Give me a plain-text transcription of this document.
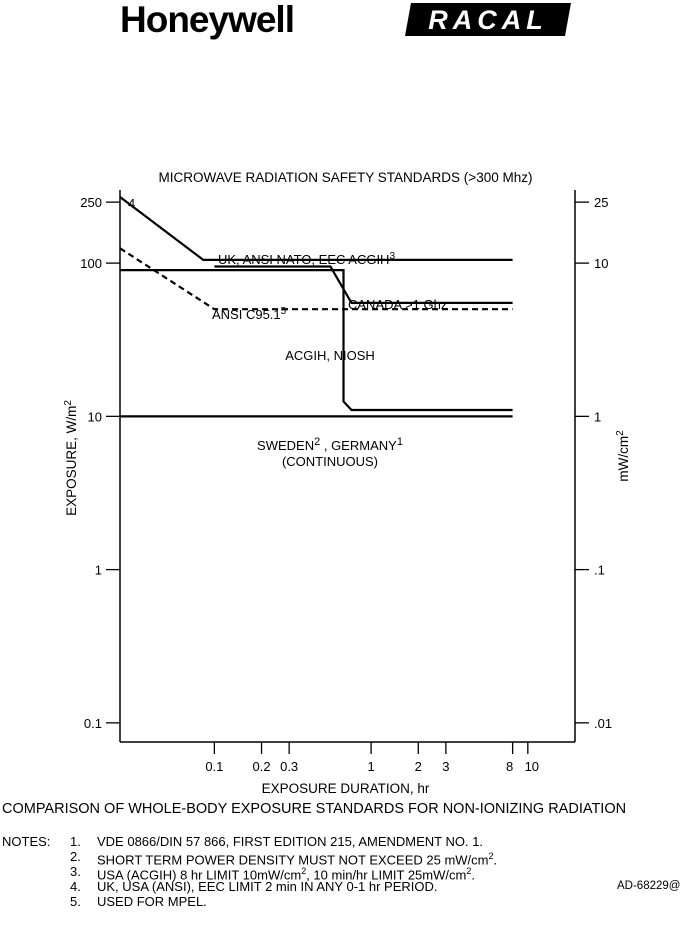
Honeywell	RACAL
MICROWAVE RADIATION SAFETY STANDARDS (>300 Mhz)
250
100
10
1
0.1
25
10
1
.1
.01
0.1 0.2 0.3	1	2 3	8 10
EXPOSURE DURATION, hr
EXPOSURE, $W/m^2$
$mW/cm^2$
UK, ANSI NATO, EEC ACGIH$^3$
CANADA >1 Ghz
ANSI C95.1$^5$
ACGIH, NIOSH
SWEDEN$^2$ , GERMANY$^1$
(CONTINUOUS)
4
COMPARISON OF WHOLE-BODY EXPOSURE STANDARDS FOR NON-IONIZING RADIATION
NOTES: 1. VDE 0866/DIN 57 866, FIRST EDITION 215, AMENDMENT NO. 1.
2. SHORT TERM POWER DENSITY MUST NOT EXCEED 25 $mW/cm^2$.
3. USA (ACGIH) 8 hr LIMIT $10mW/cm^2$, 10 min/hr LIMIT $25mW/cm^2$.
4. UK, USA (ANSI), EEC LIMIT 2 min IN ANY 0-1 hr PERIOD.
5. USED FOR MPEL.
AD-68229@
